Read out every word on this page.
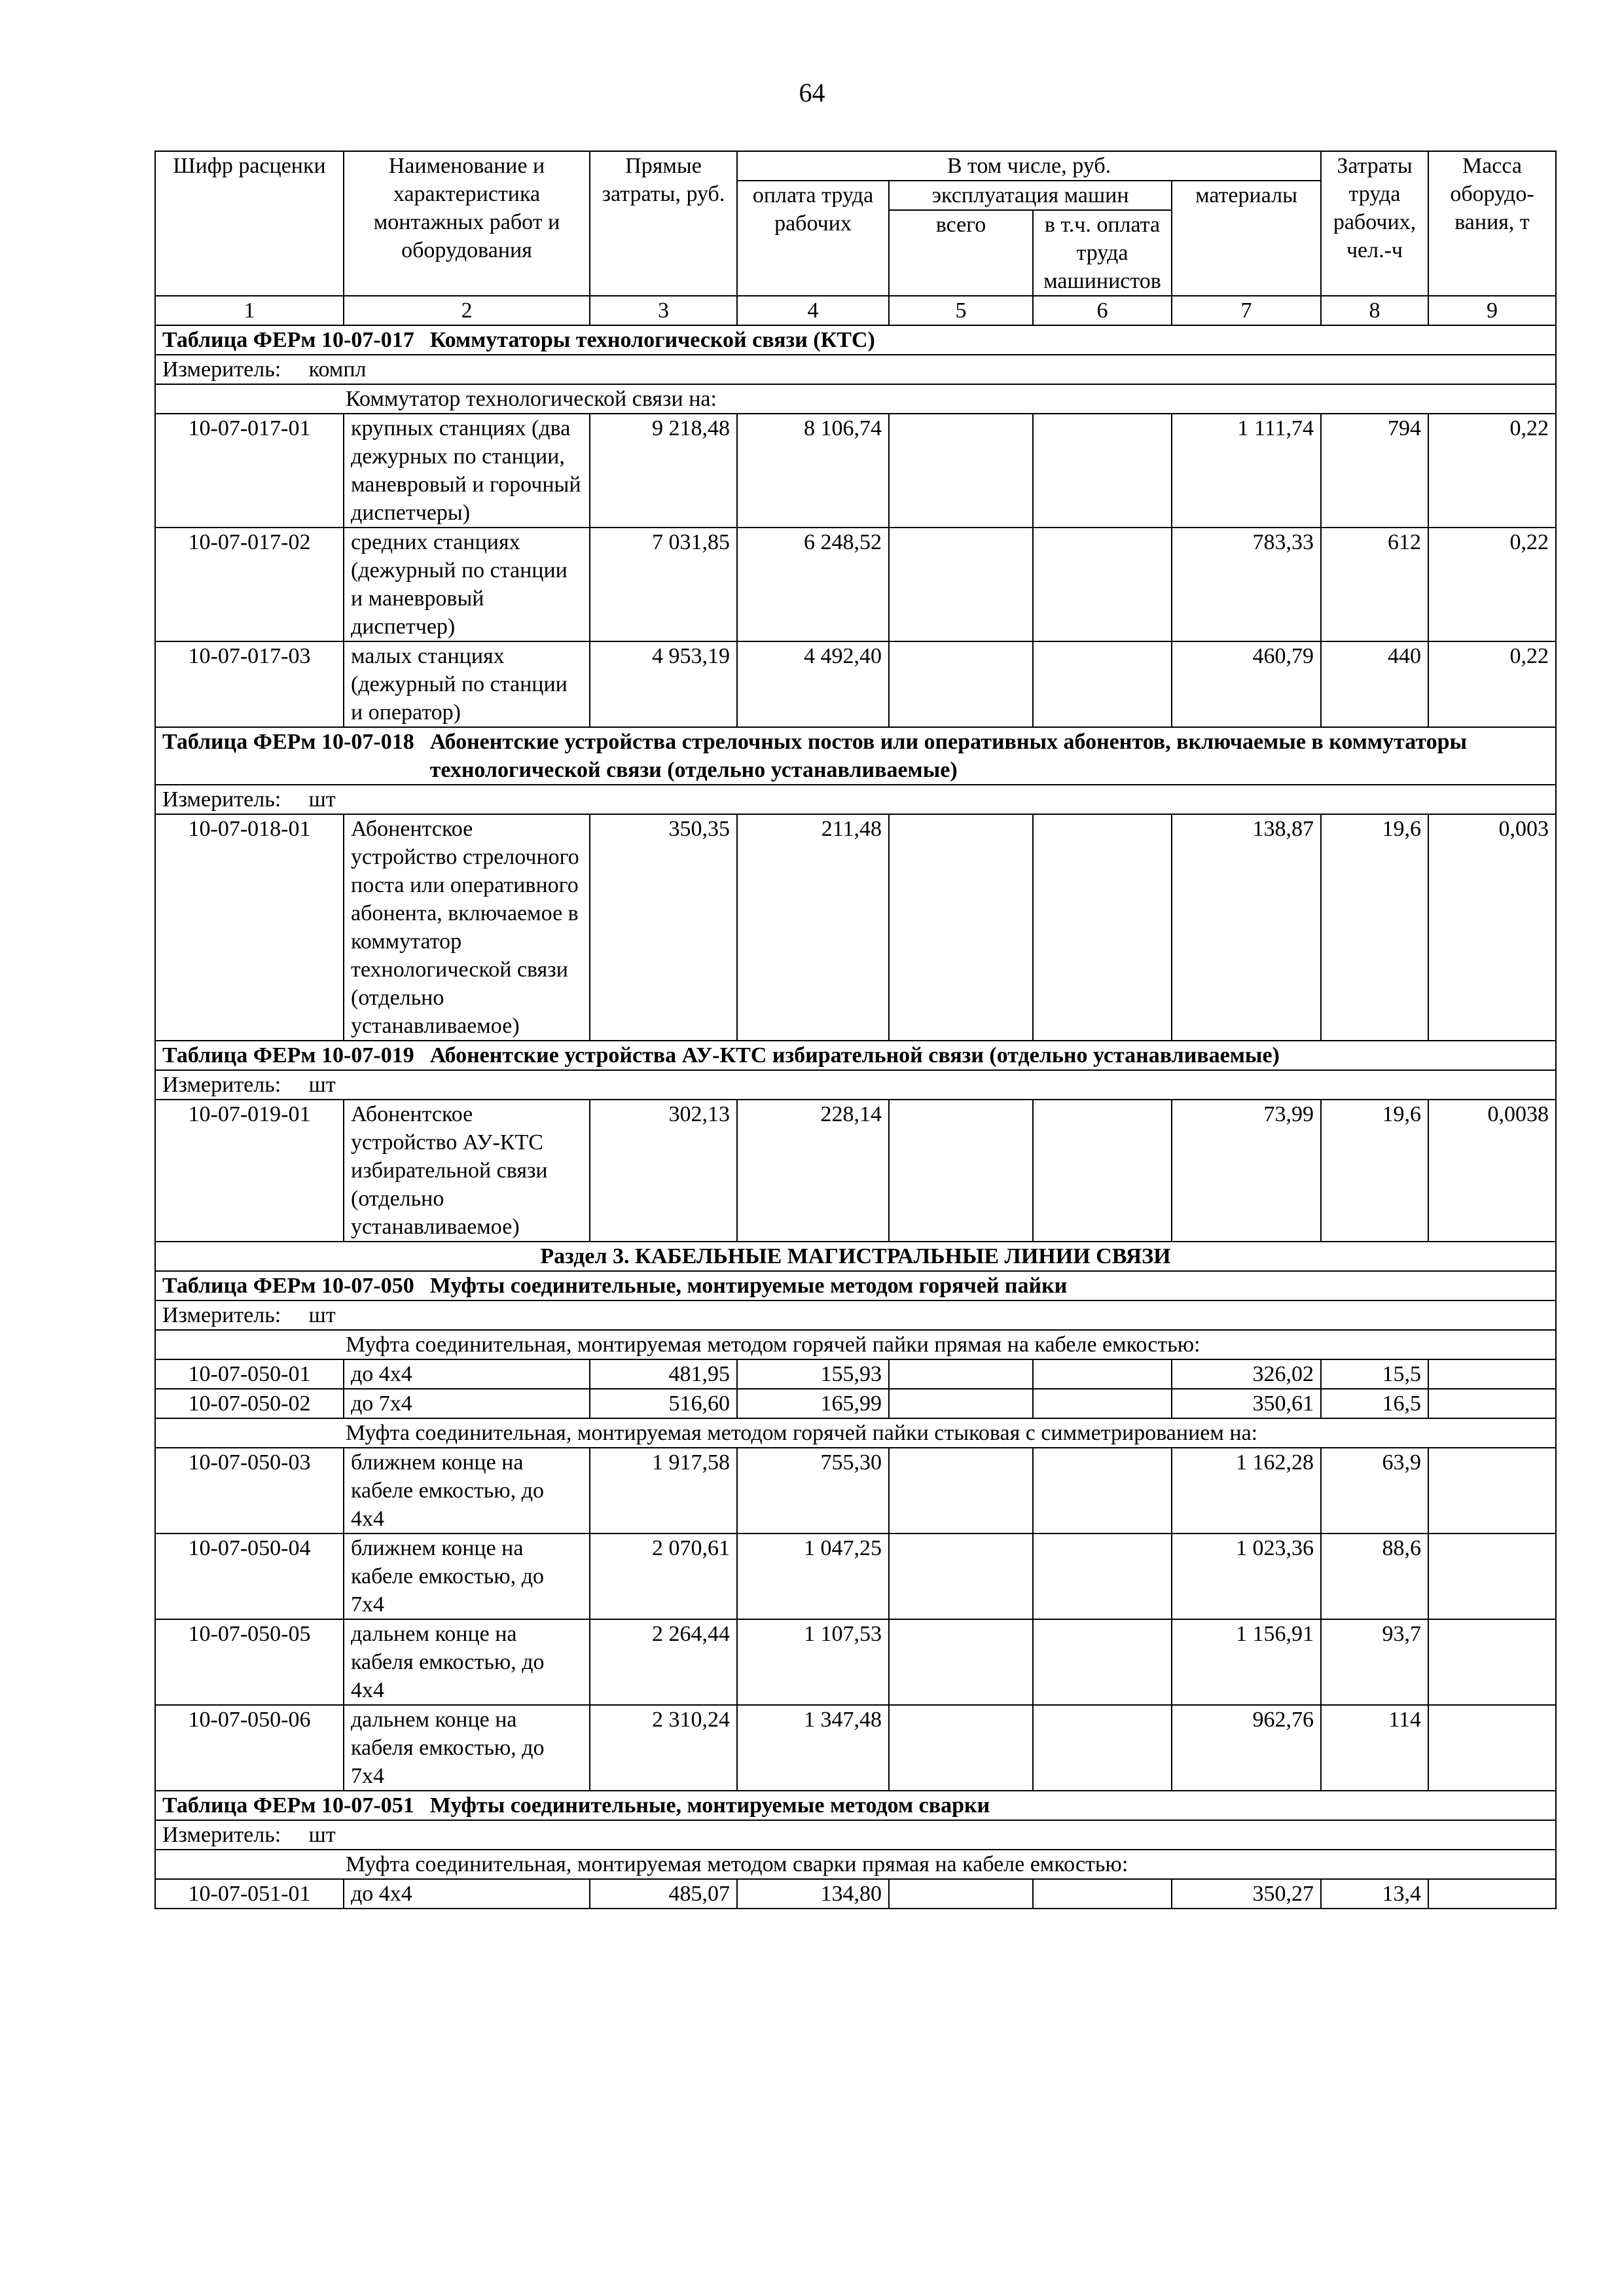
64
Шифр расценки	Наименование и характеристика монтажных работ и оборудования	Прямые затраты, руб.	В том числе, руб.				Затраты труда рабочих, чел.-ч	Масса оборудо- вания, т
			оплата труда рабочих	эксплуатация машин		материалы		
				всего	в т.ч. оплата труда машинистов			
1	2	3	4	5	6	7	8	9

Таблица ФЕРм 10-07-017 Коммутаторы технологической связи (КТС)								

Измеритель:     компл								
Коммутатор технологической связи на:								
10-07-017-01	крупных станциях (два дежурных по станции, маневровый и горочный диспетчеры)	9 218,48	8 106,74			1 111,74	794	0,22
10-07-017-02	средних станциях (дежурный по станции и маневровый диспетчер)	7 031,85	6 248,52			783,33	612	0,22
10-07-017-03	малых станциях (дежурный по станции и оператор)	4 953,19	4 492,40			460,79	440	0,22

Таблица ФЕРм 10-07-018 Абонентские устройства стрелочных постов или оперативных абонентов, включаемые в коммутаторы технологической связи (отдельно устанавливаемые)								

Измеритель:     шт								
10-07-018-01	Абонентское устройство стрелочного поста или оперативного абонента, включаемое в коммутатор технологической связи (отдельно устанавливаемое)	350,35	211,48			138,87	19,6	0,003

Таблица ФЕРм 10-07-019 Абонентские устройства АУ-КТС избирательной связи (отдельно устанавливаемые)								

Измеритель:     шт								
10-07-019-01	Абонентское устройство АУ-КТС избирательной связи (отдельно устанавливаемое)	302,13	228,14			73,99	19,6	0,0038
Раздел 3. КАБЕЛЬНЫЕ МАГИСТРАЛЬНЫЕ ЛИНИИ СВЯЗИ								

Таблица ФЕРм 10-07-050 Муфты соединительные, монтируемые методом горячей пайки								

Измеритель:     шт								
Муфта соединительная, монтируемая методом горячей пайки прямая на кабеле емкостью:								
10-07-050-01	до 4х4	481,95	155,93			326,02	15,5	
10-07-050-02	до 7х4	516,60	165,99			350,61	16,5	
Муфта соединительная, монтируемая методом горячей пайки стыковая с симметрированием на:								
10-07-050-03	ближнем конце на кабеле емкостью, до 4х4	1 917,58	755,30			1 162,28	63,9	
10-07-050-04	ближнем конце на кабеле емкостью, до 7х4	2 070,61	1 047,25			1 023,36	88,6	
10-07-050-05	дальнем конце на кабеля емкостью, до 4х4	2 264,44	1 107,53			1 156,91	93,7	
10-07-050-06	дальнем конце на кабеля емкостью, до 7х4	2 310,24	1 347,48			962,76	114	

Таблица ФЕРм 10-07-051 Муфты соединительные, монтируемые методом сварки								

Измеритель:     шт								
Муфта соединительная, монтируемая методом сварки прямая на кабеле емкостью:								
10-07-051-01	до 4х4	485,07	134,80			350,27	13,4	
